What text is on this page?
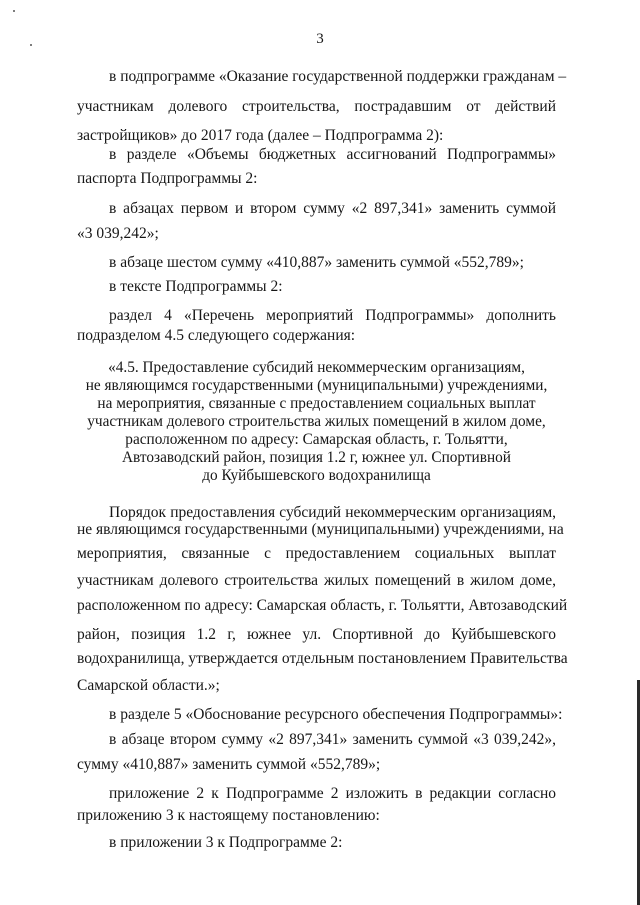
3
в подпрограмме «Оказание государственной поддержки гражданам –
участникам долевого строительства, пострадавшим от действий
застройщиков» до 2017 года (далее – Подпрограмма 2):
в разделе «Объемы бюджетных ассигнований Подпрограммы»
паспорта Подпрограммы 2:
в абзацах первом и втором сумму «2 897,341» заменить суммой
«3 039,242»;
в абзаце шестом сумму «410,887» заменить суммой «552,789»;
в тексте Подпрограммы 2:
раздел 4 «Перечень мероприятий Подпрограммы» дополнить
подразделом 4.5 следующего содержания:
«4.5. Предоставление субсидий некоммерческим организациям,
не являющимся государственными (муниципальными) учреждениями,
на мероприятия, связанные с предоставлением социальных выплат
участникам долевого строительства жилых помещений в жилом доме,
расположенном по адресу: Самарская область, г. Тольятти,
Автозаводский район, позиция 1.2 г, южнее ул. Спортивной
до Куйбышевского водохранилища
Порядок предоставления субсидий некоммерческим организациям,
не являющимся государственными (муниципальными) учреждениями, на
мероприятия, связанные с предоставлением социальных выплат
участникам долевого строительства жилых помещений в жилом доме,
расположенном по адресу: Самарская область, г. Тольятти, Автозаводский
район, позиция 1.2 г, южнее ул. Спортивной до Куйбышевского
водохранилища, утверждается отдельным постановлением Правительства
Самарской области.»;
в разделе 5 «Обоснование ресурсного обеспечения Подпрограммы»:
в абзаце втором сумму «2 897,341» заменить суммой «3 039,242»,
сумму «410,887» заменить суммой «552,789»;
приложение 2 к Подпрограмме 2 изложить в редакции согласно
приложению 3 к настоящему постановлению:
в приложении 3 к Подпрограмме 2:
